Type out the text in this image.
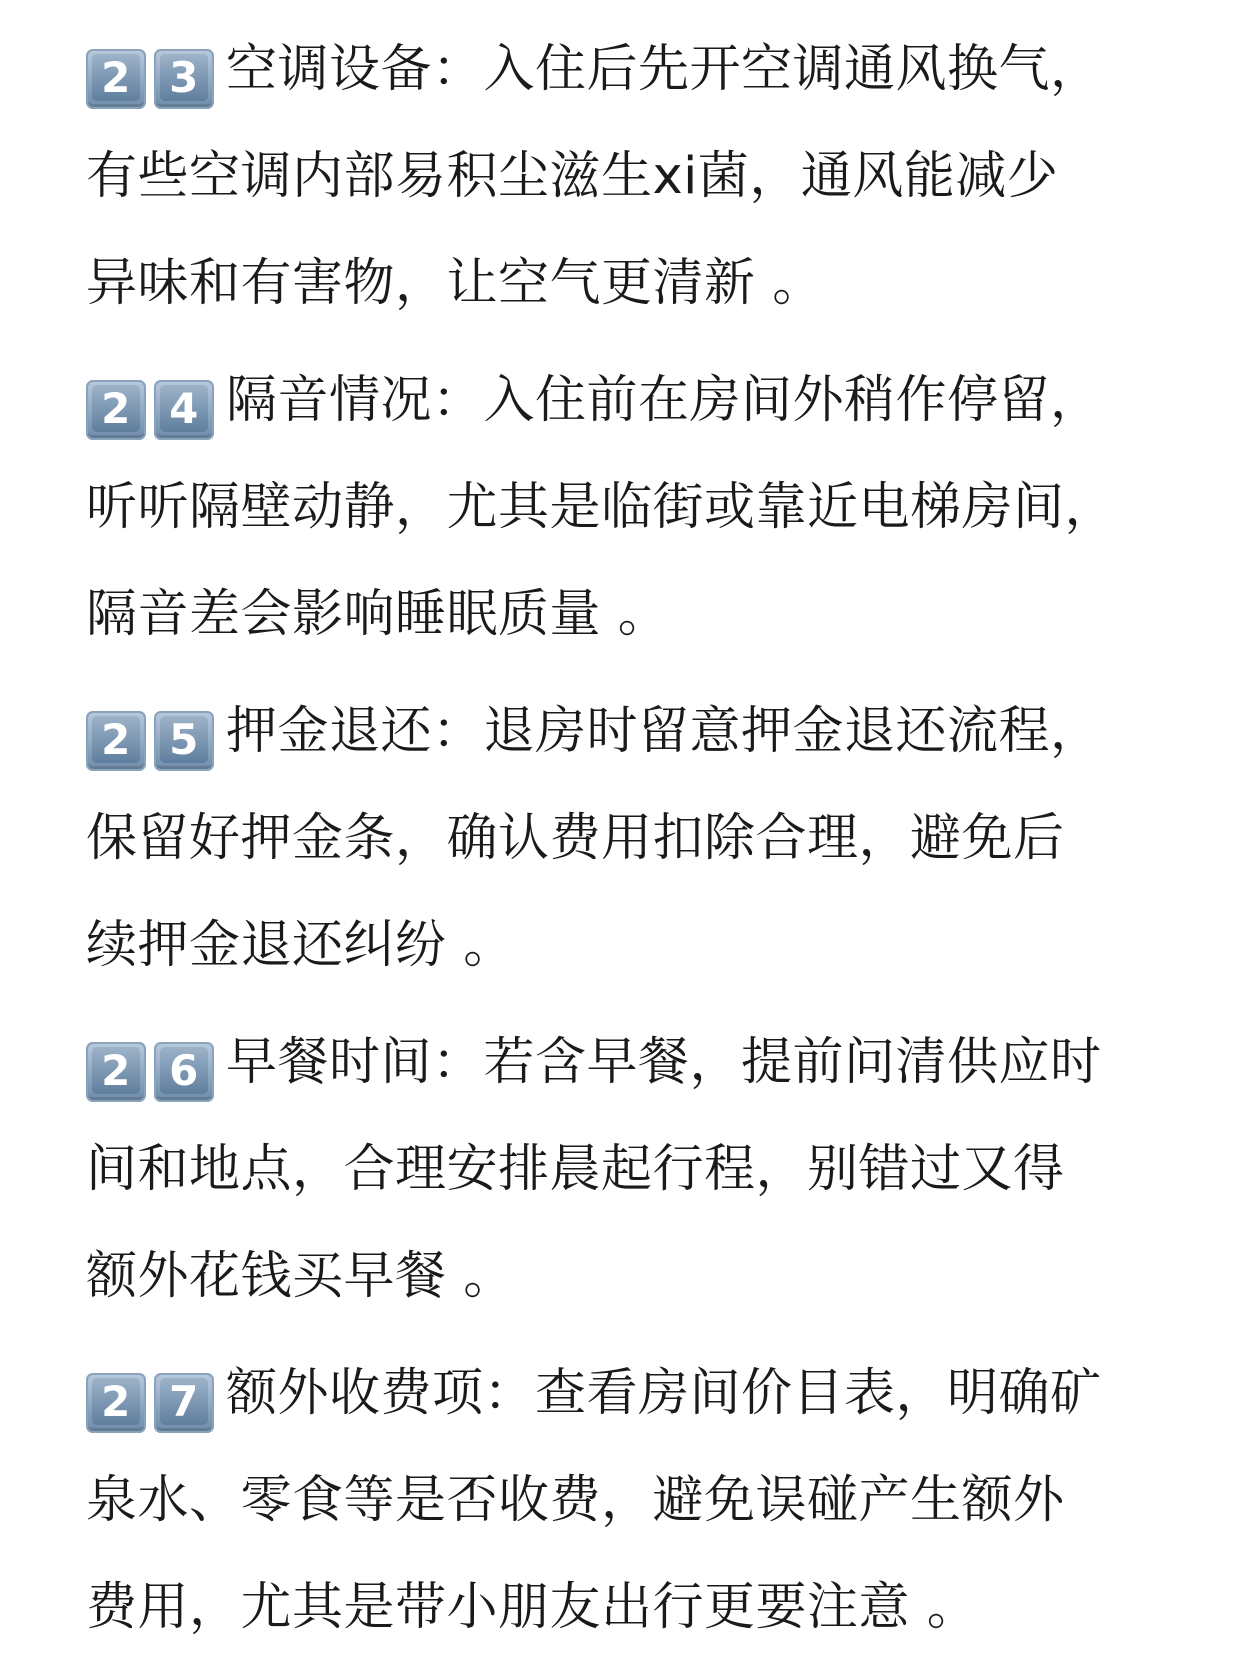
2 3 空调设备：入住后先开空调通风换气，
有些空调内部易积尘滋生xi菌，通风能减少
异味和有害物，让空气更清新 。
2 4 隔音情况：入住前在房间外稍作停留，
听听隔壁动静，尤其是临街或靠近电梯房间，
隔音差会影响睡眠质量 。
2 5 押金退还：退房时留意押金退还流程，
保留好押金条，确认费用扣除合理，避免后
续押金退还纠纷 。
2 6 早餐时间：若含早餐，提前问清供应时
间和地点，合理安排晨起行程，别错过又得
额外花钱买早餐 。
2 7 额外收费项：查看房间价目表，明确矿
泉水、零食等是否收费，避免误碰产生额外
费用，尤其是带小朋友出行更要注意 。
